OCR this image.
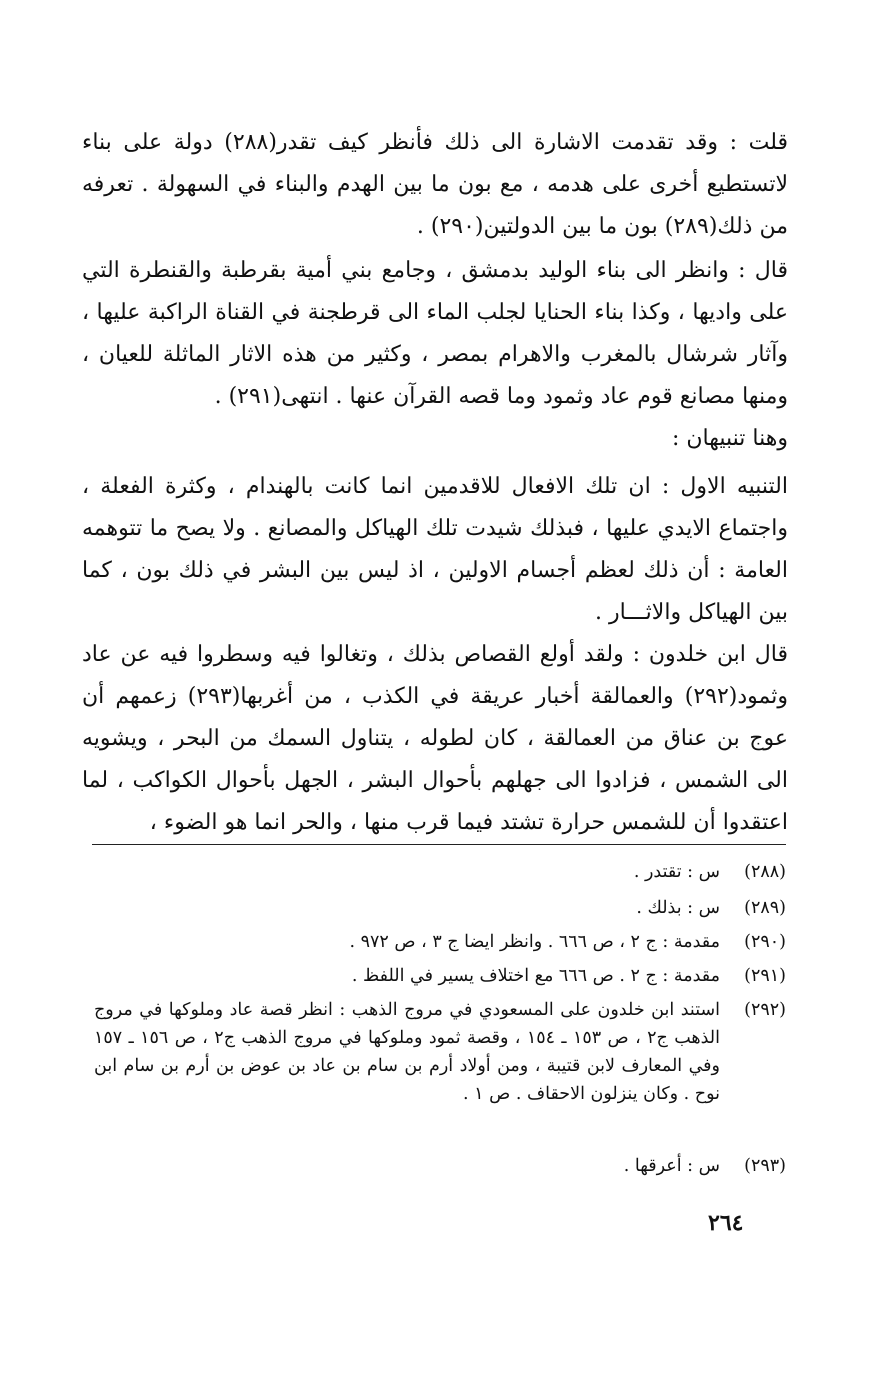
قلت : وقد تقدمت الاشارة الى ذلك فأنظر كيف تقدر(٢٨٨) دولة على بناء لاتستطيع أخرى على هدمه ، مع بون ما بين الهدم والبناء في السهولة . تعرفه من ذلك(٢٨٩) بون ما بين الدولتين(٢٩٠) .

قال : وانظر الى بناء الوليد بدمشق ، وجامع بني أمية بقرطبة والقنطرة التي على واديها ، وكذا بناء الحنايا لجلب الماء الى قرطجنة في القناة الراكبة عليها ، وآثار شرشال بالمغرب والاهرام بمصر ، وكثير من هذه الاثار الماثلة للعيان ، ومنها مصانع قوم عاد وثمود وما قصه القرآن عنها . انتهى(٢٩١) .

وهنا تنبيهان :

التنبيه الاول : ان تلك الافعال للاقدمين انما كانت بالهندام ، وكثرة الفعلة ، واجتماع الايدي عليها ، فبذلك شيدت تلك الهياكل والمصانع . ولا يصح ما تتوهمه العامة : أن ذلك لعظم أجسام الاولين ، اذ ليس بين البشر في ذلك بون ، كما بين الهياكل والاثـــار .

قال ابن خلدون : ولقد أولع القصاص بذلك ، وتغالوا فيه وسطروا فيه عن عاد وثمود(٢٩٢) والعمالقة أخبار عريقة في الكذب ، من أغربها(٢٩٣) زعمهم أن عوج بن عناق من العمالقة ، كان لطوله ، يتناول السمك من البحر ، ويشويه الى الشمس ، فزادوا الى جهلهم بأحوال البشر ، الجهل بأحوال الكواكب ، لما اعتقدوا أن للشمس حرارة تشتد فيما قرب منها ، والحر انما هو الضوء ،

(٢٨٨)
س : تقتدر .
(٢٨٩)
س : بذلك .
(٢٩٠)
مقدمة : ج ٢ ، ص ٦٦٦ . وانظر ايضا ج ٣ ، ص ٩٧٢ .
(٢٩١)
مقدمة : ج ٢ . ص ٦٦٦ مع اختلاف يسير في اللفظ .
(٢٩٢)
استند ابن خلدون على المسعودي في مروج الذهب : انظر قصة عاد وملوكها في مروج الذهب ج٢ ، ص ١٥٣ ـ ١٥٤ ، وقصة ثمود وملوكها في مروج الذهب ج٢ ، ص ١٥٦ ـ ١٥٧ وفي المعارف لابن قتيبة ، ومن أولاد أرم بن سام بن عاد بن عوض بن أرم بن سام ابن نوح . وكان ينزلون الاحقاف . ص ١ .
(٢٩٣)
س : أعرقها .
٢٦٤
